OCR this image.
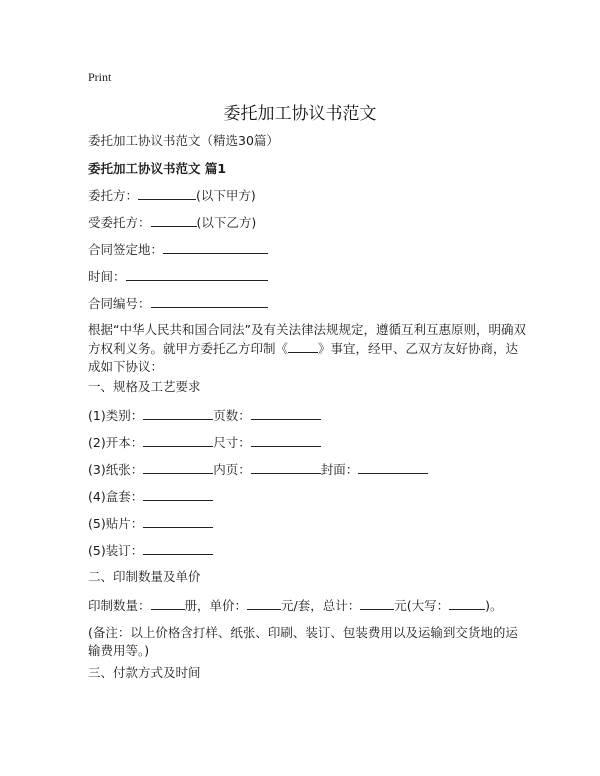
Print
委托加工协议书范文
委托加工协议书范文（精选30篇）
委托加工协议书范文 篇1
委托方：	(以下甲方)
受委托方：	(以下乙方)
合同签定地：
时间：
合同编号：
根据“中华人民共和国合同法”及有关法律法规规定，遵循互利互惠原则，明确双方权利义务。就甲方委托乙方印制《 》事宜，经甲、乙双方友好协商，达成如下协议：
一、规格及工艺要求
(1)类别：	页数：
(2)开本：	尺寸：
(3)纸张：	内页：	封面：
(4)盒套：
(5)贴片：
(5)装订：
二、印制数量及单价
印制数量：	册，单价：	元/套，总计：	元(大写：	)。
(备注：以上价格含打样、纸张、印刷、装订、包装费用以及运输到交货地的运输费用等。)
三、付款方式及时间
